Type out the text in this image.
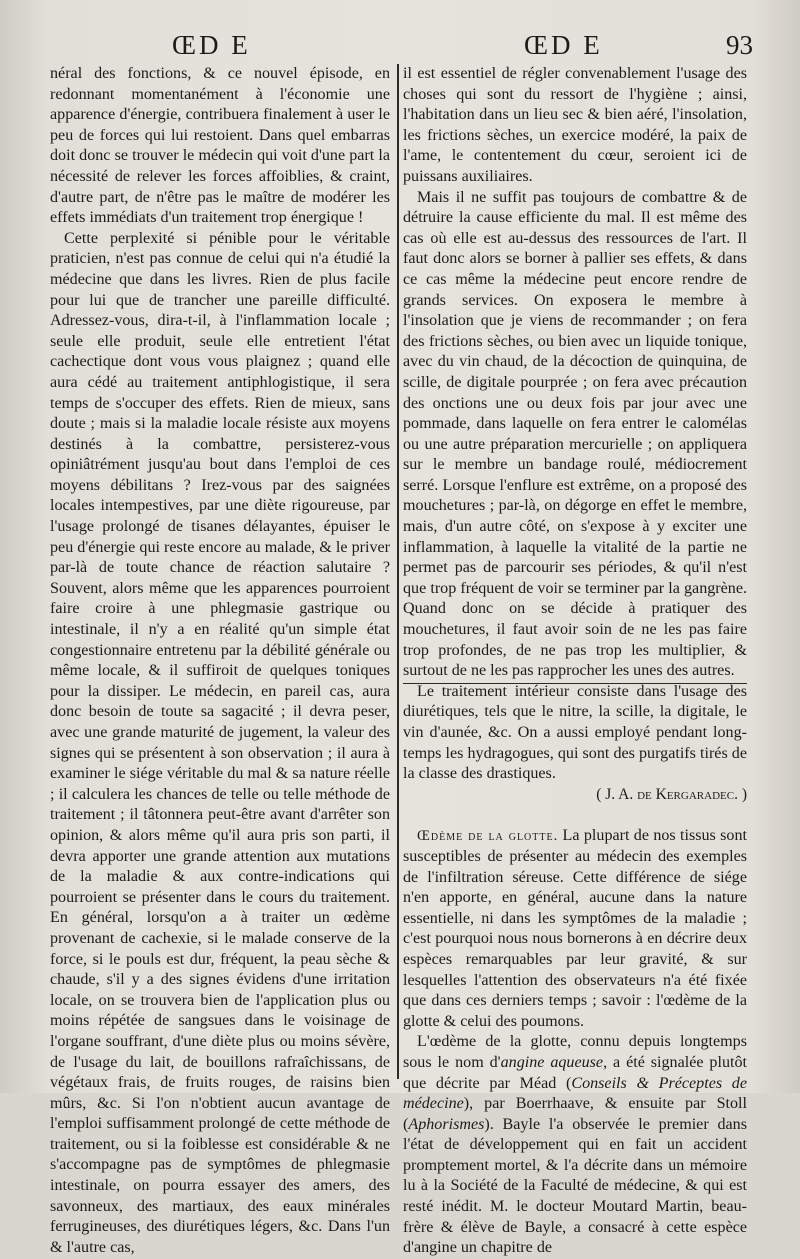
ŒD E	ŒD E	93

néral des fonctions, & ce nouvel épisode, en redonnant momentanément à l'économie une apparence d'énergie, contribuera finalement à user le peu de forces qui lui restoient. Dans quel embarras doit donc se trouver le médecin qui voit d'une part la nécessité de relever les forces affoiblies, & craint, d'autre part, de n'être pas le maître de modérer les effets immédiats d'un traitement trop énergique !

Cette perplexité si pénible pour le véritable praticien, n'est pas connue de celui qui n'a étudié la médecine que dans les livres. Rien de plus facile pour lui que de trancher une pareille difficulté. Adressez-vous, dira-t-il, à l'inflammation locale ; seule elle produit, seule elle entretient l'état cachectique dont vous vous plaignez ; quand elle aura cédé au traitement antiphlogistique, il sera temps de s'occuper des effets. Rien de mieux, sans doute ; mais si la maladie locale résiste aux moyens destinés à la combattre, persisterez-vous opiniâtrément jusqu'au bout dans l'emploi de ces moyens débilitans ? Irez-vous par des saignées locales intempestives, par une diète rigoureuse, par l'usage prolongé de tisanes délayantes, épuiser le peu d'énergie qui reste encore au malade, & le priver par-là de toute chance de réaction salutaire ? Souvent, alors même que les apparences pourroient faire croire à une phlegmasie gastrique ou intestinale, il n'y a en réalité qu'un simple état congestionnaire entretenu par la débilité générale ou même locale, & il suffiroit de quelques toniques pour la dissiper. Le médecin, en pareil cas, aura donc besoin de toute sa sagacité ; il devra peser, avec une grande maturité de jugement, la valeur des signes qui se présentent à son observation ; il aura à examiner le siége véritable du mal & sa nature réelle ; il calculera les chances de telle ou telle méthode de traitement ; il tâtonnera peut-être avant d'arrêter son opinion, & alors même qu'il aura pris son parti, il devra apporter une grande attention aux mutations de la maladie & aux contre-indications qui pourroient se présenter dans le cours du traitement. En général, lorsqu'on a à traiter un œdème provenant de cachexie, si le malade conserve de la force, si le pouls est dur, fréquent, la peau sèche & chaude, s'il y a des signes évidens d'une irritation locale, on se trouvera bien de l'application plus ou moins répétée de sangsues dans le voisinage de l'organe souffrant, d'une diète plus ou moins sévère, de l'usage du lait, de bouillons rafraîchissans, de végétaux frais, de fruits rouges, de raisins bien mûrs, &c. Si l'on n'obtient aucun avantage de l'emploi suffisamment prolongé de cette méthode de traitement, ou si la foiblesse est considérable & ne s'accompagne pas de symptômes de phlegmasie intestinale, on pourra essayer des amers, des savonneux, des martiaux, des eaux minérales ferrugineuses, des diurétiques légers, &c. Dans l'un & l'autre cas,

il est essentiel de régler convenablement l'usage des choses qui sont du ressort de l'hygiène ; ainsi, l'habitation dans un lieu sec & bien aéré, l'insolation, les frictions sèches, un exercice modéré, la paix de l'ame, le contentement du cœur, seroient ici de puissans auxiliaires.

Mais il ne suffit pas toujours de combattre & de détruire la cause efficiente du mal. Il est même des cas où elle est au-dessus des ressources de l'art. Il faut donc alors se borner à pallier ses effets, & dans ce cas même la médecine peut encore rendre de grands services. On exposera le membre à l'insolation que je viens de recommander ; on fera des frictions sèches, ou bien avec un liquide tonique, avec du vin chaud, de la décoction de quinquina, de scille, de digitale pourprée ; on fera avec précaution des onctions une ou deux fois par jour avec une pommade, dans laquelle on fera entrer le calomélas ou une autre préparation mercurielle ; on appliquera sur le membre un bandage roulé, médiocrement serré. Lorsque l'enflure est extrême, on a proposé des mouchetures ; par-là, on dégorge en effet le membre, mais, d'un autre côté, on s'expose à y exciter une inflammation, à laquelle la vitalité de la partie ne permet pas de parcourir ses périodes, & qu'il n'est que trop fréquent de voir se terminer par la gangrène. Quand donc on se décide à pratiquer des mouchetures, il faut avoir soin de ne les pas faire trop profondes, de ne pas trop les multiplier, & surtout de ne les pas rapprocher les unes des autres.

Le traitement intérieur consiste dans l'usage des diurétiques, tels que le nitre, la scille, la digitale, le vin d'aunée, &c. On a aussi employé pendant long-temps les hydragogues, qui sont des purgatifs tirés de la classe des drastiques.

( J. A. de Kergaradec. )

Œdème de la glotte. La plupart de nos tissus sont susceptibles de présenter au médecin des exemples de l'infiltration séreuse. Cette différence de siége n'en apporte, en général, aucune dans la nature essentielle, ni dans les symptômes de la maladie ; c'est pourquoi nous nous bornerons à en décrire deux espèces remarquables par leur gravité, & sur lesquelles l'attention des observateurs n'a été fixée que dans ces derniers temps ; savoir : l'œdème de la glotte & celui des poumons.

L'œdème de la glotte, connu depuis longtemps sous le nom d'angine aqueuse, a été signalée plutôt que décrite par Méad (Conseils & Préceptes de médecine), par Boerrhaave, & ensuite par Stoll (Aphorismes). Bayle l'a observée le premier dans l'état de développement qui en fait un accident promptement mortel, & l'a décrite dans un mémoire lu à la Société de la Faculté de médecine, & qui est resté inédit. M. le docteur Moutard Martin, beau-frère & élève de Bayle, a consacré à cette espèce d'angine un chapitre de
